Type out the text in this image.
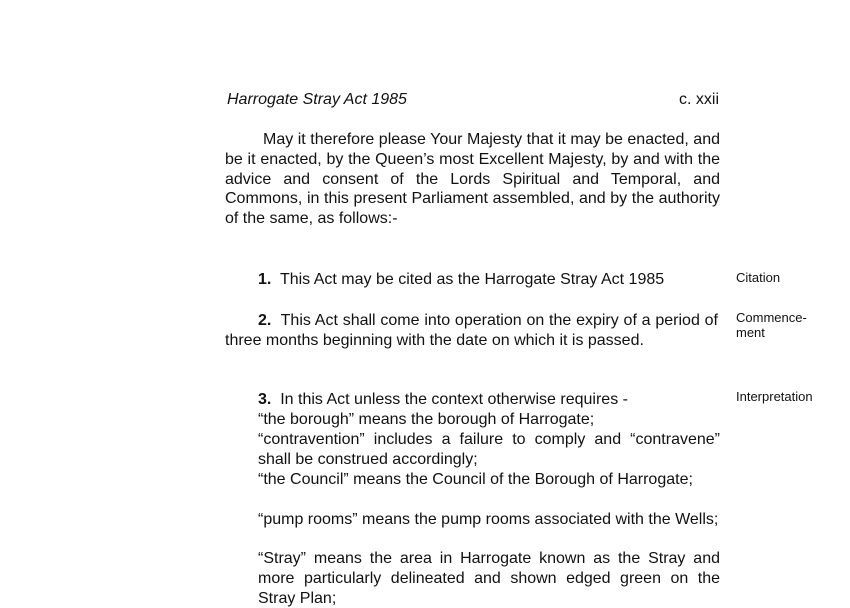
Harrogate Stray Act 1985	c. xxii
May it therefore please Your Majesty that it may be enacted, and be it enacted, by the Queen’s most Excellent Majesty, by and with the advice and consent of the Lords Spiritual and Temporal, and Commons, in this present Parliament assembled, and by the authority of the same, as follows:-
1. This Act may be cited as the Harrogate Stray Act 1985	Citation
2. This Act shall come into operation on the expiry of a period of three months beginning with the date on which it is passed.
Commence-ment
3. In this Act unless the context otherwise requires -	Interpretation
“the borough” means the borough of Harrogate;
“contravention” includes a failure to comply and “contravene” shall be construed accordingly;
“the Council” means the Council of the Borough of Harrogate;
“pump rooms” means the pump rooms associated with the Wells;
“Stray” means the area in Harrogate known as the Stray and more particularly delineated and shown edged green on the Stray Plan;
